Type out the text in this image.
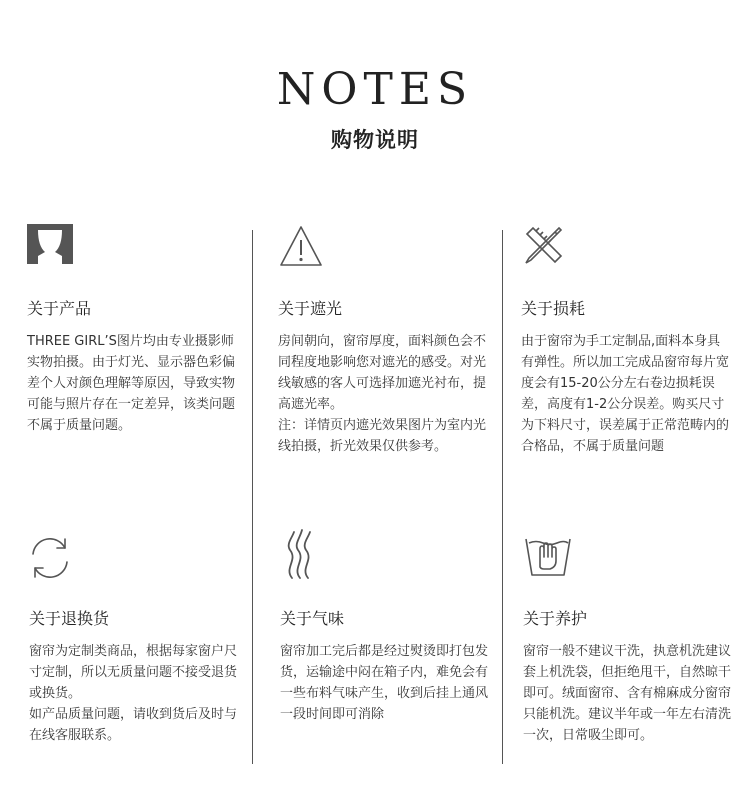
NOTES
购物说明
关于产品	关于遮光	关于损耗

THREE GIRL’S图片均由专业摄影师实物拍摄。由于灯光、显示器色彩偏差个人对颜色理解等原因，导致实物可能与照片存在一定差异，该类问题不属于质量问题。

房间朝向，窗帘厚度，面料颜色会不同程度地影响您对遮光的感受。对光线敏感的客人可选择加遮光衬布，提高遮光率。

注：详情页内遮光效果图片为室内光线拍摄，折光效果仅供参考。

由于窗帘为手工定制品,面料本身具有弹性。所以加工完成品窗帘每片宽度会有15-20公分左右卷边损耗误差，高度有1-2公分误差。购买尺寸为下料尺寸，误差属于正常范畴内的合格品，不属于质量问题

关于退换货	关于气味	关于养护

窗帘为定制类商品，根据每家窗户尺寸定制，所以无质量问题不接受退货或换货。

如产品质量问题，请收到货后及时与在线客服联系。

窗帘加工完后都是经过熨烫即打包发货，运输途中闷在箱子内，难免会有一些布料气味产生，收到后挂上通风一段时间即可消除

窗帘一般不建议干洗，执意机洗建议套上机洗袋，但拒绝甩干，自然晾干即可。绒面窗帘、含有棉麻成分窗帘只能机洗。建议半年或一年左右清洗一次，日常吸尘即可。
